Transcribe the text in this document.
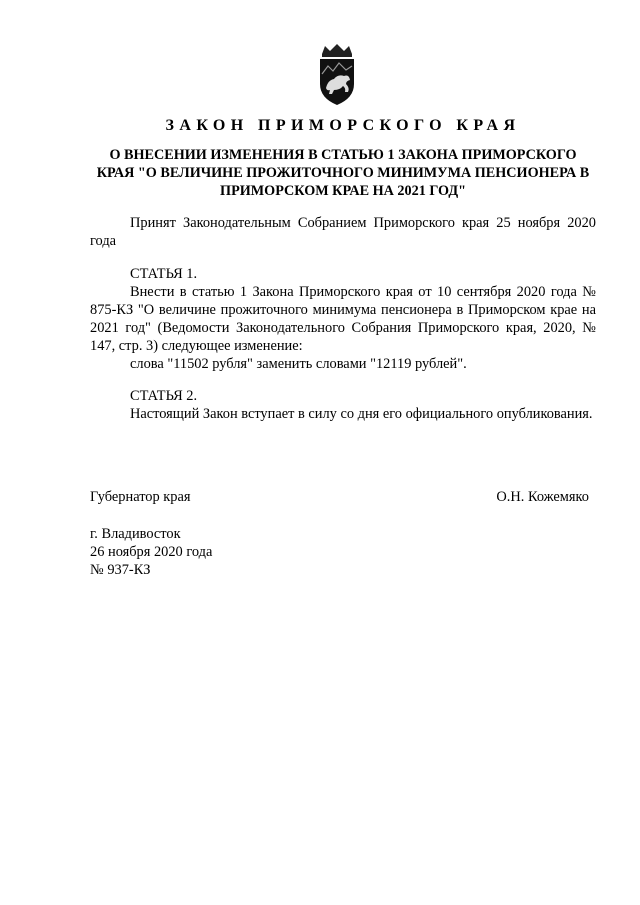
ЗАКОН ПРИМОРСКОГО КРАЯ
О ВНЕСЕНИИ ИЗМЕНЕНИЯ В СТАТЬЮ 1 ЗАКОНА ПРИМОРСКОГО КРАЯ "О ВЕЛИЧИНЕ ПРОЖИТОЧНОГО МИНИМУМА ПЕНСИОНЕРА В ПРИМОРСКОМ КРАЕ НА 2021 ГОД"
Принят Законодательным Собранием Приморского края 25 ноября 2020 года
СТАТЬЯ 1.
Внести в статью 1 Закона Приморского края от 10 сентября 2020 года № 875-КЗ "О величине прожиточного минимума пенсионера в Приморском крае на 2021 год" (Ведомости Законодательного Собрания Приморского края, 2020, № 147, стр. 3) следующее изменение:
слова "11502 рубля" заменить словами "12119 рублей".
СТАТЬЯ 2.
Настоящий Закон вступает в силу со дня его официального опубликования.
Губернатор края	О.Н. Кожемяко
г. Владивосток
26 ноября 2020 года
№ 937-КЗ
